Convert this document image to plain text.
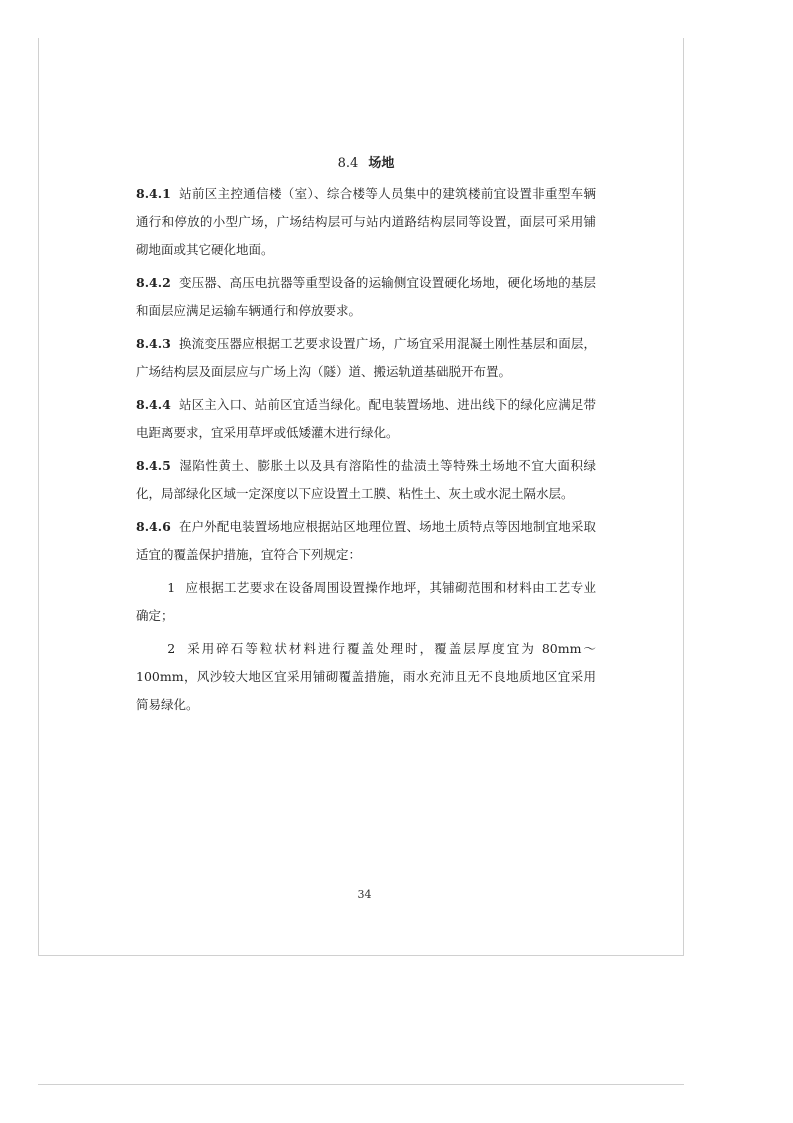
8.4 场地

8.4.1 站前区主控通信楼（室）、综合楼等人员集中的建筑楼前宜设置非重型车辆通行和停放的小型广场，广场结构层可与站内道路结构层同等设置，面层可采用铺砌地面或其它硬化地面。

8.4.2 变压器、高压电抗器等重型设备的运输侧宜设置硬化场地，硬化场地的基层和面层应满足运输车辆通行和停放要求。

8.4.3 换流变压器应根据工艺要求设置广场，广场宜采用混凝土刚性基层和面层，广场结构层及面层应与广场上沟（隧）道、搬运轨道基础脱开布置。

8.4.4 站区主入口、站前区宜适当绿化。配电装置场地、进出线下的绿化应满足带电距离要求，宜采用草坪或低矮灌木进行绿化。

8.4.5 湿陷性黄土、膨胀土以及具有溶陷性的盐渍土等特殊土场地不宜大面积绿化，局部绿化区域一定深度以下应设置土工膜、粘性土、灰土或水泥土隔水层。

8.4.6 在户外配电装置场地应根据站区地理位置、场地土质特点等因地制宜地采取适宜的覆盖保护措施，宜符合下列规定：

1 应根据工艺要求在设备周围设置操作地坪，其铺砌范围和材料由工艺专业确定；

2 采用碎石等粒状材料进行覆盖处理时，覆盖层厚度宜为 80mm～100mm，风沙较大地区宜采用铺砌覆盖措施，雨水充沛且无不良地质地区宜采用简易绿化。

34
